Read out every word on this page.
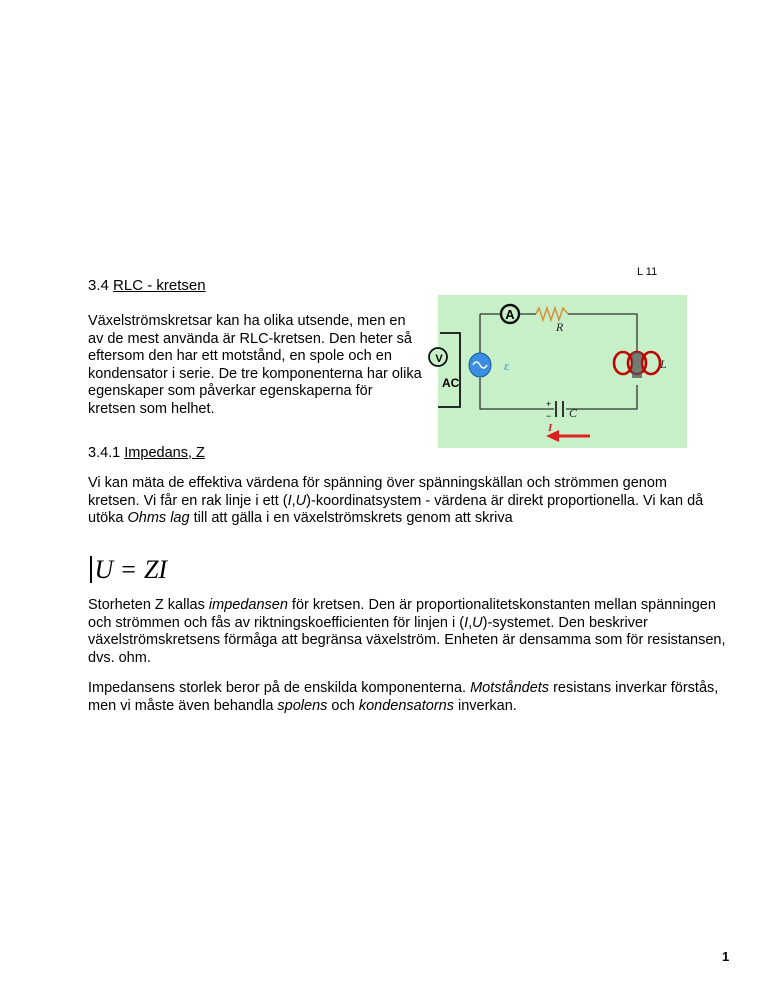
L 11
3.4 RLC - kretsen

Växelströmskretsar kan ha olika utsende, men en av de mest använda är RLC-kretsen. Den heter så eftersom den har ett motstånd, en spole och en kondensator i serie. De tre komponenterna har olika egenskaper som påverkar egenskaperna för kretsen som helhet.

A
R
L
+
− C
ε
V
AC
I
3.4.1 Impedans, Z

Vi kan mäta de effektiva värdena för spänning över spänningskällan och strömmen genom kretsen. Vi får en rak linje i ett (I,U)-koordinatsystem - värdena är direkt proportionella. Vi kan då utöka Ohms lag till att gälla i en växelströmskrets genom att skriva

U = ZI

Storheten Z kallas impedansen för kretsen. Den är proportionalitetskonstanten mellan spänningen och strömmen och fås av riktningskoefficienten för linjen i (I,U)-systemet. Den beskriver växelströmskretsens förmåga att begränsa växelström. Enheten är densamma som för resistansen, dvs. ohm.

Impedansens storlek beror på de enskilda komponenterna. Motståndets resistans inverkar förstås, men vi måste även behandla spolens och kondensatorns inverkan.

1
